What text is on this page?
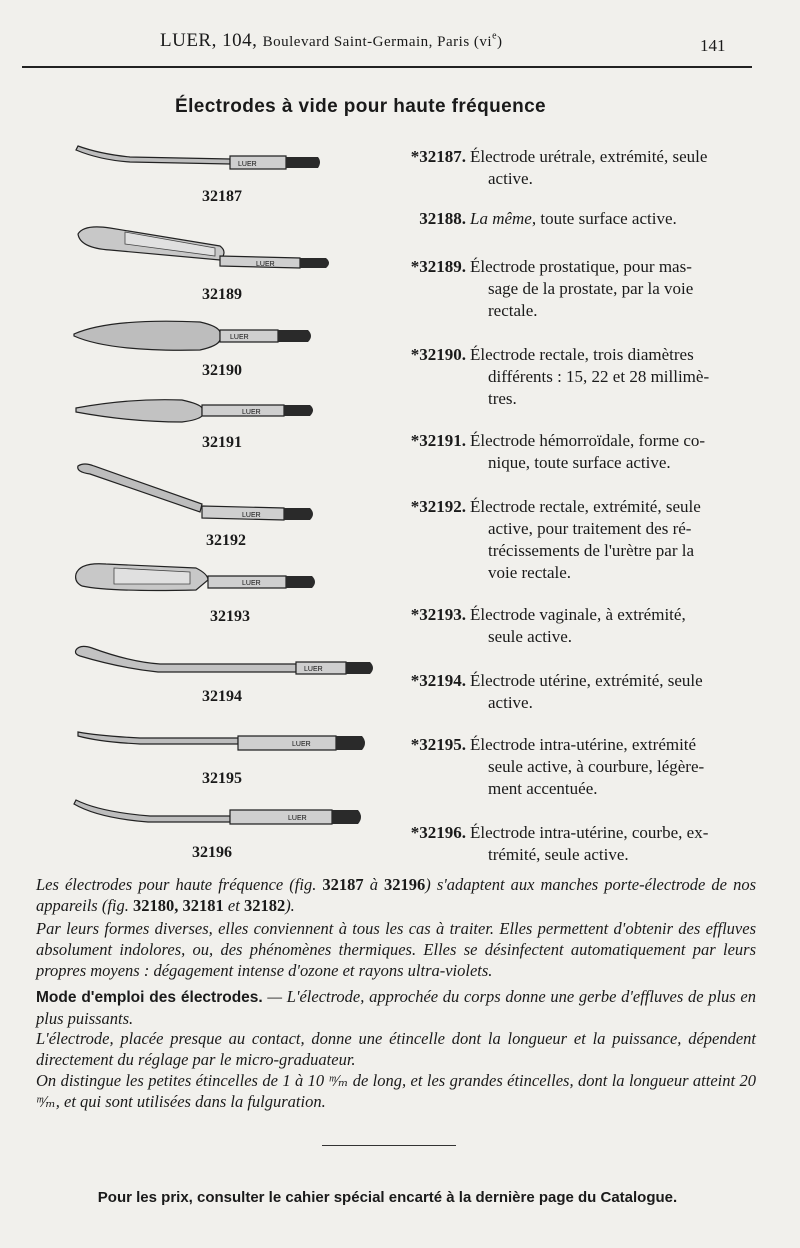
LUER, 104, Boulevard Saint-Germain, Paris $(vi^e)$	141
Électrodes à vide pour haute fréquence
LUER
32187
LUER
32189
LUER
32190
LUER
32191
LUER
32192
LUER
32193
LUER
32194
LUER
32195
LUER
32196
*32187. Électrode urétrale, extrémité, seule
active.
32188. La même, toute surface active.
*32189. Électrode prostatique, pour mas-
sage de la prostate, par la voie
rectale.
*32190. Électrode rectale, trois diamètres
différents : 15, 22 et 28 millimè-
tres.
*32191. Électrode hémorroïdale, forme co-
nique, toute surface active.
*32192. Électrode rectale, extrémité, seule
active, pour traitement des ré-
trécissements de l'urètre par la
voie rectale.
*32193. Électrode vaginale, à extrémité,
seule active.
*32194. Électrode utérine, extrémité, seule
active.
*32195. Électrode intra-utérine, extrémité
seule active, à courbure, légère-
ment accentuée.
*32196. Électrode intra-utérine, courbe, ex-
trémité, seule active.
Les électrodes pour haute fréquence (fig. 32187 à 32196) s'adaptent aux manches porte-électrode de nos appareils (fig. 32180, 32181 et 32182).
Par leurs formes diverses, elles conviennent à tous les cas à traiter. Elles permettent d'obtenir des effluves absolument indolores, ou, des phénomènes thermiques. Elles se désinfectent automatiquement par leurs propres moyens : dégagement intense d'ozone et rayons ultra-violets.
Mode d'emploi des électrodes. — L'électrode, approchée du corps donne une gerbe d'effluves de plus en plus puissants.
L'électrode, placée presque au contact, donne une étincelle dont la longueur et la puissance, dépendent directement du réglage par le micro-graduateur.
On distingue les petites étincelles de 1 à 10 ᵐ⁄ₘ de long, et les grandes étincelles, dont la longueur atteint 20 ᵐ⁄ₘ, et qui sont utilisées dans la fulguration.
Pour les prix, consulter le cahier spécial encarté à la dernière page du Catalogue.
